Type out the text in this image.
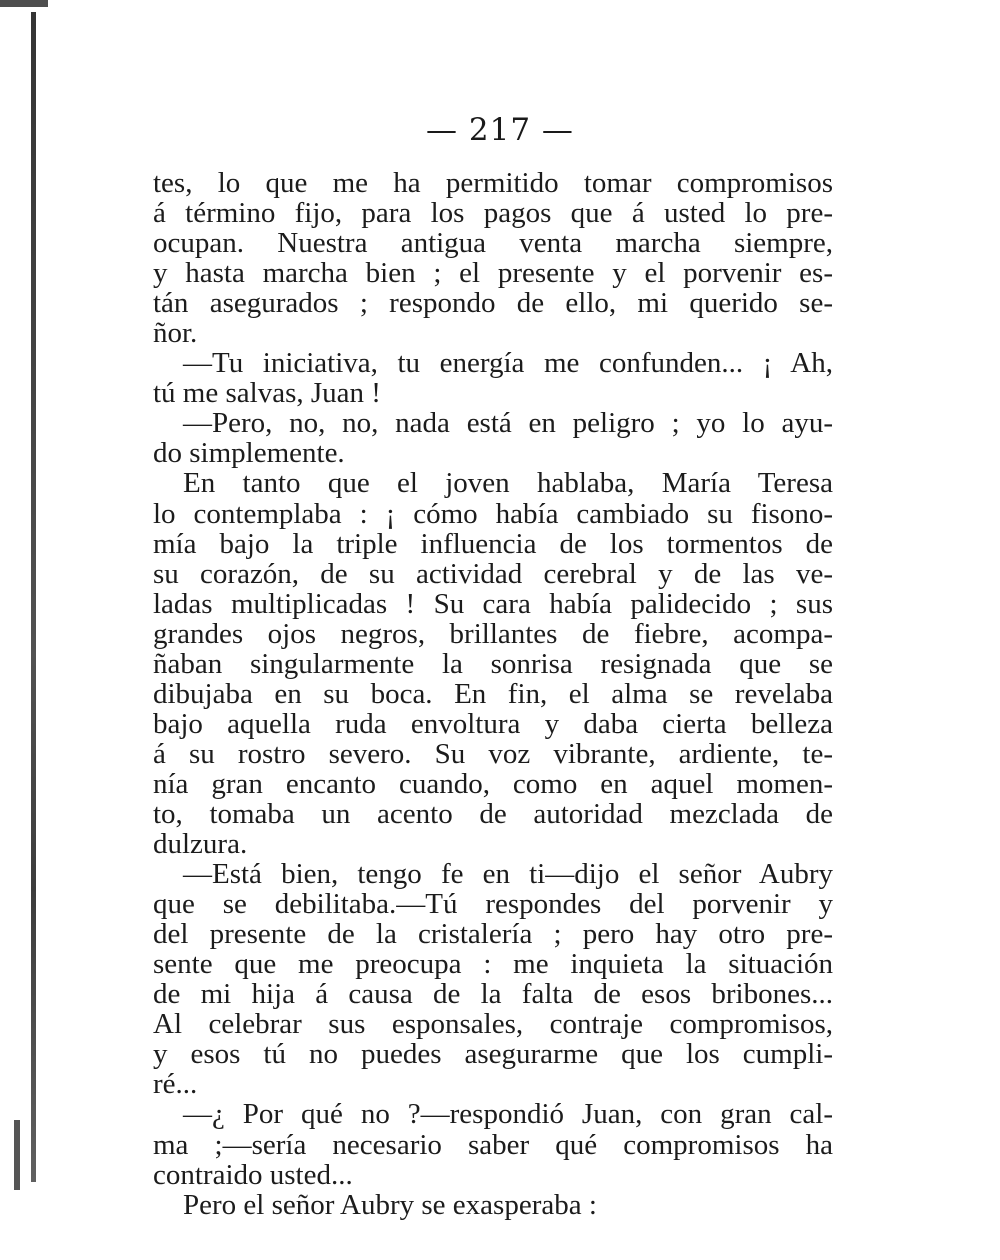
— 217 —
tes, lo que me ha permitido tomar compromisos
á término fijo, para los pagos que á usted lo pre-
ocupan. Nuestra antigua venta marcha siempre,
y hasta marcha bien ; el presente y el porvenir es-
tán asegurados ; respondo de ello, mi querido se-
ñor.
—Tu iniciativa, tu energía me confunden... ¡ Ah,
tú me salvas, Juan !
—Pero, no, no, nada está en peligro ; yo lo ayu-
do simplemente.
En tanto que el joven hablaba, María Teresa
lo contemplaba : ¡ cómo había cambiado su fisono-
mía bajo la triple influencia de los tormentos de
su corazón, de su actividad cerebral y de las ve-
ladas multiplicadas ! Su cara había palidecido ; sus
grandes ojos negros, brillantes de fiebre, acompa-
ñaban singularmente la sonrisa resignada que se
dibujaba en su boca. En fin, el alma se revelaba
bajo aquella ruda envoltura y daba cierta belleza
á su rostro severo. Su voz vibrante, ardiente, te-
nía gran encanto cuando, como en aquel momen-
to, tomaba un acento de autoridad mezclada de
dulzura.
—Está bien, tengo fe en ti—dijo el señor Aubry
que se debilitaba.—Tú respondes del porvenir y
del presente de la cristalería ; pero hay otro pre-
sente que me preocupa : me inquieta la situación
de mi hija á causa de la falta de esos bribones...
Al celebrar sus esponsales, contraje compromisos,
y esos tú no puedes asegurarme que los cumpli-
ré...
—¿ Por qué no ?—respondió Juan, con gran cal-
ma ;—sería necesario saber qué compromisos ha
contraido usted...
Pero el señor Aubry se exasperaba :
